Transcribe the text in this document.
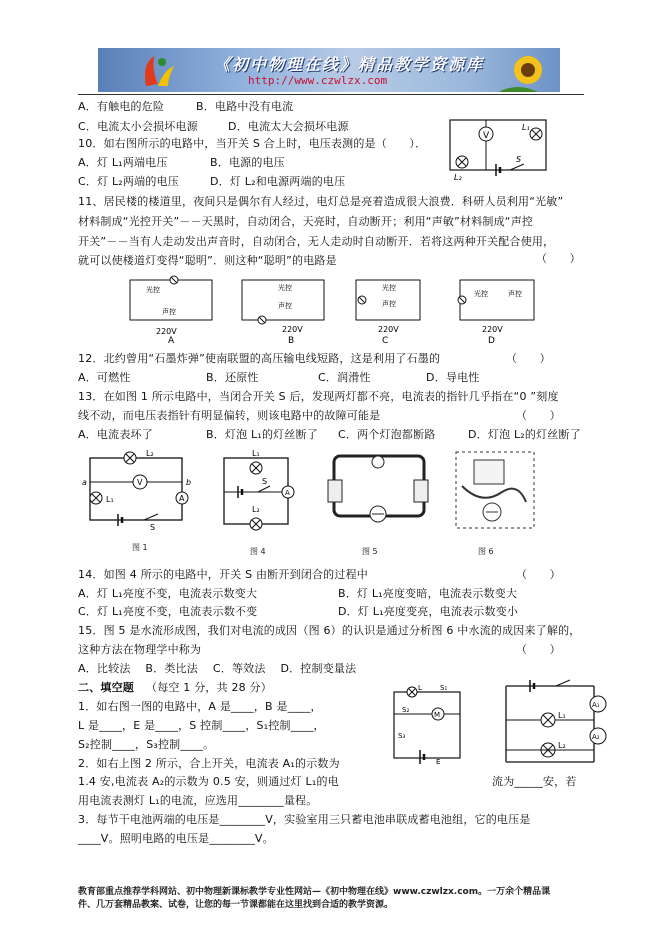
《初中物理在线》精品教学资源库
http://www.czwlzx.com
A．有触电的危险	B．电路中没有电流
C．电流太小会损坏电源	D．电流太大会损坏电源
10．如右图所示的电路中，当开关 S 合上时，电压表测的是（　　）．
A．灯 L₁两端电压	B．电源的电压
C．灯 L₂两端的电压	D．灯 L₂和电源两端的电压
V
L₁
L₂
S
11、居民楼的楼道里，夜间只是偶尔有人经过，电灯总是亮着造成很大浪费．科研人员利用“光敏”
材料制成“光控开关”－－天黑时，自动闭合，天亮时，自动断开；利用“声敏”材料制成“声控
开关”－－当有人走动发出声音时，自动闭合，无人走动时自动断开．若将这两种开关配合使用，
就可以使楼道灯变得“聪明”．则这种“聪明”的电路是	（　　）
光控
声控
220V
A
光控
声控
220V
B
光控
声控
220V
C
光控	声控
220V
D
12．北约曾用“石墨炸弹”使南联盟的高压输电线短路，这是利用了石墨的	（　　）
A．可燃性	B．还原性	C．润滑性	D．导电性
13．在如图 1 所示电路中，当闭合开关 S 后，发现两灯都不亮，电流表的指针几乎指在“0 ”刻度
线不动，而电压表指针有明显偏转，则该电路中的故障可能是	（　　）
A．电流表坏了	B．灯泡 L₁的灯丝断了 C．两个灯泡都断路	D．灯泡 L₂的灯丝断了
L₂
V
L₁	A
a	b
S
图 1
L₁
S
L₂
A
图 4	图 5	图 6
14．如图 4 所示的电路中，开关 S 由断开到闭合的过程中	（　　）
A．灯 L₁亮度不变，电流表示数变大	B．灯 L₁亮度变暗，电流表示数变大
C．灯 L₁亮度不变，电流表示数不变	D．灯 L₁亮度变亮，电流表示数变小
15．图 5 是水流形成图，我们对电流的成因（图 6）的认识是通过分析图 6 中水流的成因来了解的，
这种方法在物理学中称为	（　　）
A．比较法　 B．类比法　 C．等效法　 D．控制变量法
二、填空题 （每空 1 分，共 28 分）
1．如右图一图的电路中，A 是____，B 是____，
L 是____，E 是____，S 控制____，S₁控制____，
S₂控制____，S₃控制____。
2．如右上图 2 所示，合上开关，电流表 A₁的示数为
1.4 安,电流表 A₂的示数为 0.5 安，则通过灯 L₁的电	流为_____安，若
用电流表测灯 L₁的电流，应选用________量程。
3．每节干电池两端的电压是________V，实验室用三只蓄电池串联成蓄电池组，它的电压是
____V。照明电路的电压是________V。
L	S₁
S₂
M
S₃
E
L₁
L₂
A₁
A₂
教育部重点推荐学科网站、初中物理新课标教学专业性网站—《初中物理在线》www.czwlzx.com。一万余个精品课
件、几万套精品教案、试卷，让您的每一节课都能在这里找到合适的教学资源。
